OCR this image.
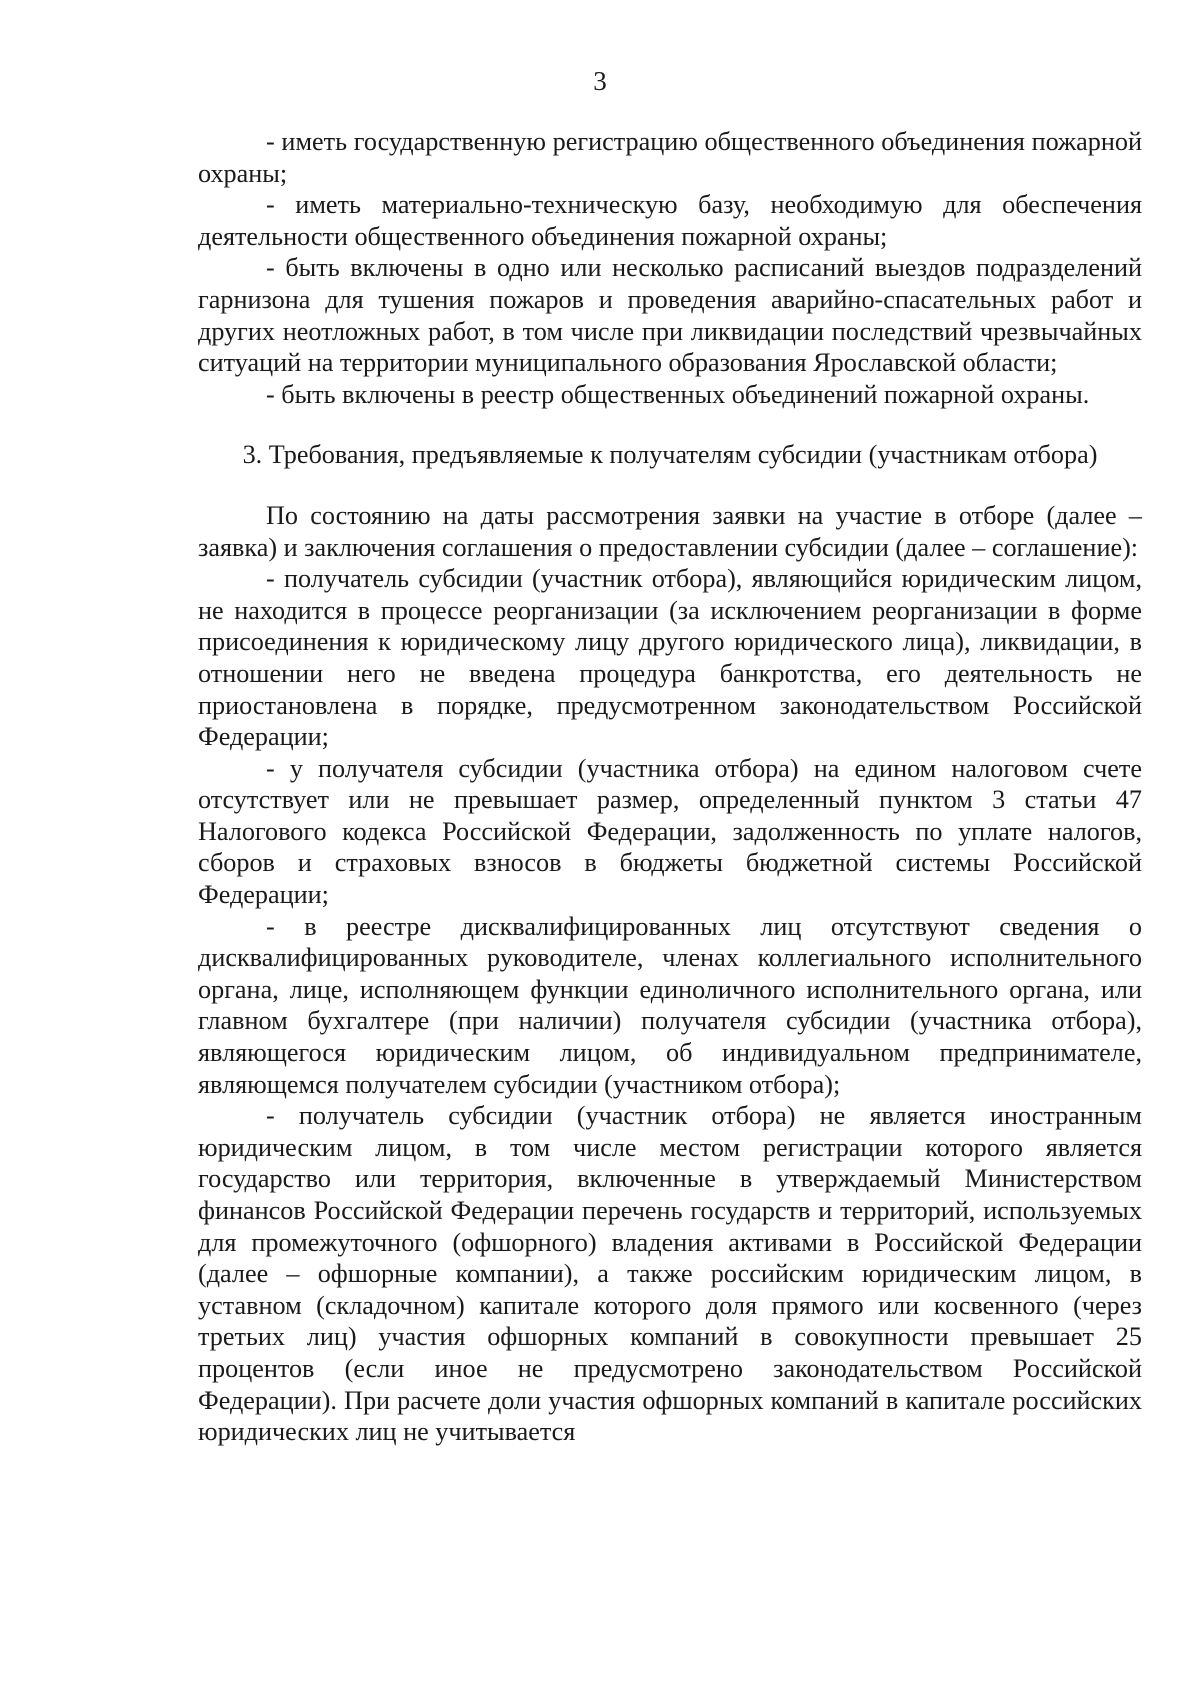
3

- иметь государственную регистрацию общественного объединения пожарной охраны;

- иметь материально-техническую базу, необходимую для обеспечения деятельности общественного объединения пожарной охраны;

- быть включены в одно или несколько расписаний выездов подразделений гарнизона для тушения пожаров и проведения аварийно-спасательных работ и других неотложных работ, в том числе при ликвидации последствий чрезвычайных ситуаций на территории муниципального образования Ярославской области;

- быть включены в реестр общественных объединений пожарной охраны.

3. Требования, предъявляемые к получателям субсидии (участникам отбора)

По состоянию на даты рассмотрения заявки на участие в отборе (далее – заявка) и заключения соглашения о предоставлении субсидии (далее – соглашение):

- получатель субсидии (участник отбора), являющийся юридическим лицом, не находится в процессе реорганизации (за исключением реорганизации в форме присоединения к юридическому лицу другого юридического лица), ликвидации, в отношении него не введена процедура банкротства, его деятельность не приостановлена в порядке, предусмотренном законодательством Российской Федерации;

- у получателя субсидии (участника отбора) на едином налоговом счете отсутствует или не превышает размер, определенный пунктом 3 статьи 47 Налогового кодекса Российской Федерации, задолженность по уплате налогов, сборов и страховых взносов в бюджеты бюджетной системы Российской Федерации;

- в реестре дисквалифицированных лиц отсутствуют сведения о дисквалифицированных руководителе, членах коллегиального исполнительного органа, лице, исполняющем функции единоличного исполнительного органа, или главном бухгалтере (при наличии) получателя субсидии (участника отбора), являющегося юридическим лицом, об индивидуальном предпринимателе, являющемся получателем субсидии (участником отбора);

- получатель субсидии (участник отбора) не является иностранным юридическим лицом, в том числе местом регистрации которого является государство или территория, включенные в утверждаемый Министерством финансов Российской Федерации перечень государств и территорий, используемых для промежуточного (офшорного) владения активами в Российской Федерации (далее – офшорные компании), а также российским юридическим лицом, в уставном (складочном) капитале которого доля прямого или косвенного (через третьих лиц) участия офшорных компаний в совокупности превышает 25 процентов (если иное не предусмотрено законодательством Российской Федерации). При расчете доли участия офшорных компаний в капитале российских юридических лиц не учитывается
